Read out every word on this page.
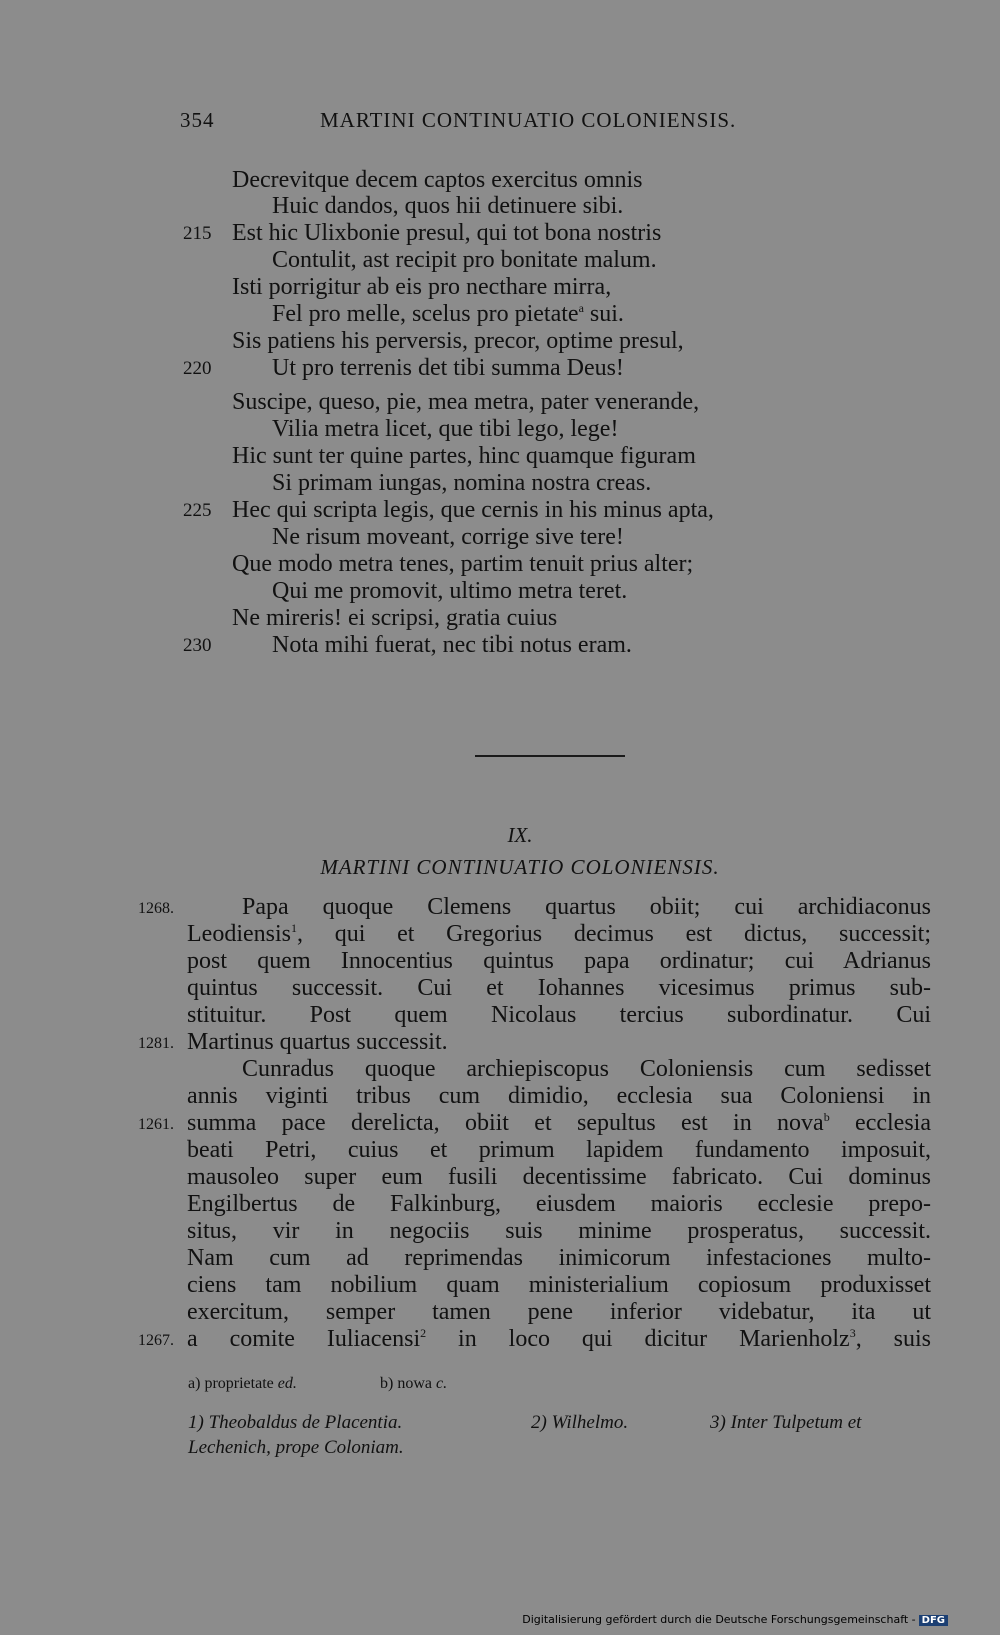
354	MARTINI CONTINUATIO COLONIENSIS.
Decrevitque decem captos exercitus omnis
Huic dandos, quos hii detinuere sibi.
215 Est hic Ulixbonie presul, qui tot bona nostris
Contulit, ast recipit pro bonitate malum.
Isti porrigitur ab eis pro necthare mirra,
Fel pro melle, scelus pro pietate$^a$ sui.
Sis patiens his perversis, precor, optime presul,
220	Ut pro terrenis det tibi summa Deus!
Suscipe, queso, pie, mea metra, pater venerande,
Vilia metra licet, que tibi lego, lege!
Hic sunt ter quine partes, hinc quamque figuram
Si primam iungas, nomina nostra creas.
225 Hec qui scripta legis, que cernis in his minus apta,
Ne risum moveant, corrige sive tere!
Que modo metra tenes, partim tenuit prius alter;
Qui me promovit, ultimo metra teret.
Ne mireris! ei scripsi, gratia cuius
230	Nota mihi fuerat, nec tibi notus eram.
IX.
MARTINI CONTINUATIO COLONIENSIS.
1268.	Papa quoque Clemens quartus obiit; cui archidiaconus
Leodiensis$^1$, qui et Gregorius decimus est dictus, successit;
post quem Innocentius quintus papa ordinatur; cui Adrianus
quintus successit. Cui et Iohannes vicesimus primus sub-
stituitur. Post quem Nicolaus tercius subordinatur. Cui
1281. Martinus quartus successit.
Cunradus quoque archiepiscopus Coloniensis cum sedisset
annis viginti tribus cum dimidio, ecclesia sua Coloniensi in
1261. summa pace derelicta, obiit et sepultus est in nova$^b$ ecclesia
beati Petri, cuius et primum lapidem fundamento imposuit,
mausoleo super eum fusili decentissime fabricato. Cui dominus
Engilbertus de Falkinburg, eiusdem maioris ecclesie prepo-
situs, vir in negociis suis minime prosperatus, successit.
Nam cum ad reprimendas inimicorum infestaciones multo-
ciens tam nobilium quam ministerialium copiosum produxisset
exercitum, semper tamen pene inferior videbatur, ita ut
1267. a comite Iuliacensi$^2$ in loco qui dicitur Marienholz$^3$, suis
a) proprietate ed.	b) nowa c.
1) Theobaldus de Placentia.	2) Wilhelmo.	3) Inter Tulpetum et
Lechenich, prope Coloniam.
Digitalisierung gefördert durch die Deutsche Forschungsgemeinschaft - DFG
